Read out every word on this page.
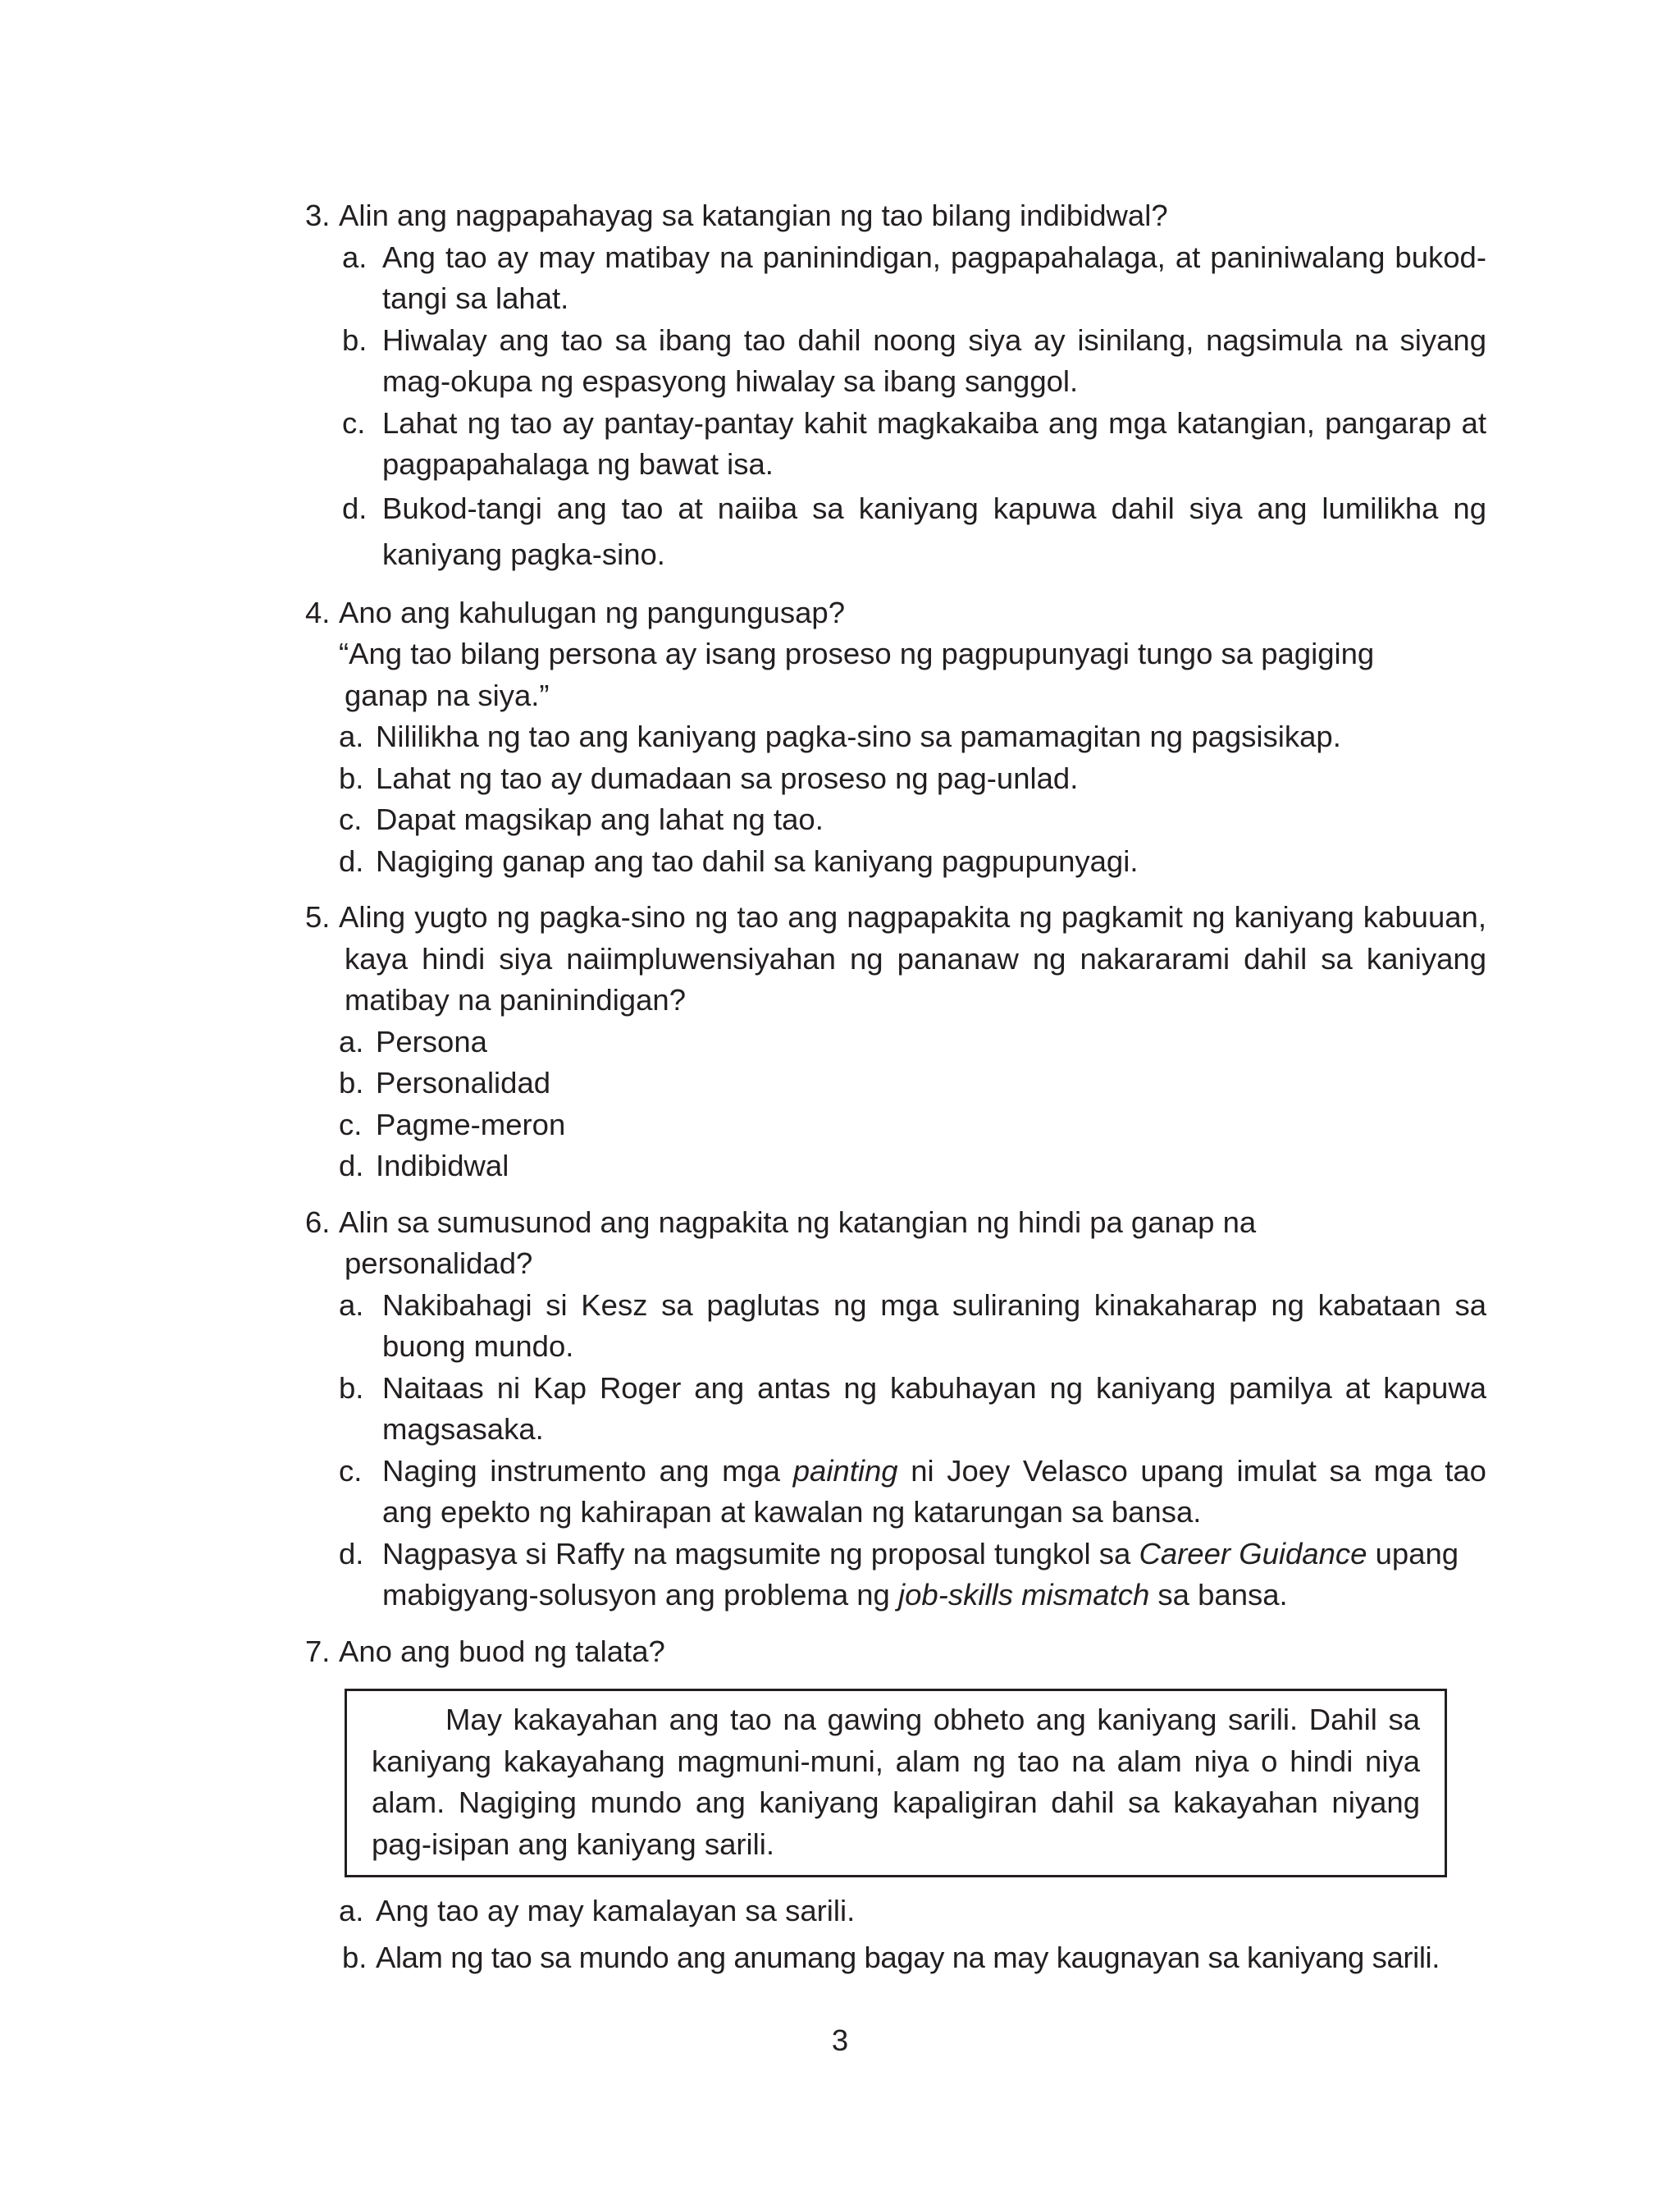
3. Alin ang nagpapahayag sa katangian ng tao bilang indibidwal?
a. Ang tao ay may matibay na paninindigan, pagpapahalaga, at paniniwalang bukod-tangi sa lahat.
b. Hiwalay ang tao sa ibang tao dahil noong siya ay isinilang, nagsimula na siyang mag-okupa ng espasyong hiwalay sa ibang sanggol.
c. Lahat ng tao ay pantay-pantay kahit magkakaiba ang mga katangian, pangarap at pagpapahalaga ng bawat isa.
d. Bukod-tangi ang tao at naiiba sa kaniyang kapuwa dahil siya ang lumilikha ng kaniyang pagka-sino.
4. Ano ang kahulugan ng pangungusap?
“Ang tao bilang persona ay isang proseso ng pagpupunyagi tungo sa pagiging
ganap na siya.”
a. Nililikha ng tao ang kaniyang pagka-sino sa pamamagitan ng pagsisikap.
b. Lahat ng tao ay dumadaan sa proseso ng pag-unlad.
c. Dapat magsikap ang lahat ng tao.
d. Nagiging ganap ang tao dahil sa kaniyang pagpupunyagi.
5. Aling yugto ng pagka-sino ng tao ang nagpapakita ng pagkamit ng kaniyang kabuuan, kaya hindi siya naiimpluwensiyahan ng pananaw ng nakararami dahil sa kaniyang matibay na paninindigan?
a. Persona
b. Personalidad
c. Pagme-meron
d. Indibidwal
6. Alin sa sumusunod ang nagpakita ng katangian ng hindi pa ganap na personalidad?
a. Nakibahagi si Kesz sa paglutas ng mga suliraning kinakaharap ng kabataan sa buong mundo.
b. Naitaas ni Kap Roger ang antas ng kabuhayan ng kaniyang pamilya at kapuwa magsasaka.
c. Naging instrumento ang mga painting ni Joey Velasco upang imulat sa mga tao ang epekto ng kahirapan at kawalan ng katarungan sa bansa.
d. Nagpasya si Raffy na magsumite ng proposal tungkol sa Career Guidance upang mabigyang-solusyon ang problema ng job-skills mismatch sa bansa.
7. Ano ang buod ng talata?
May kakayahan ang tao na gawing obheto ang kaniyang sarili. Dahil sa kaniyang kakayahang magmuni-muni, alam ng tao na alam niya o hindi niya alam. Nagiging mundo ang kaniyang kapaligiran dahil sa kakayahan niyang pag-isipan ang kaniyang sarili.
a. Ang tao ay may kamalayan sa sarili.
b. Alam ng tao sa mundo ang anumang bagay na may kaugnayan sa kaniyang sarili.
3
